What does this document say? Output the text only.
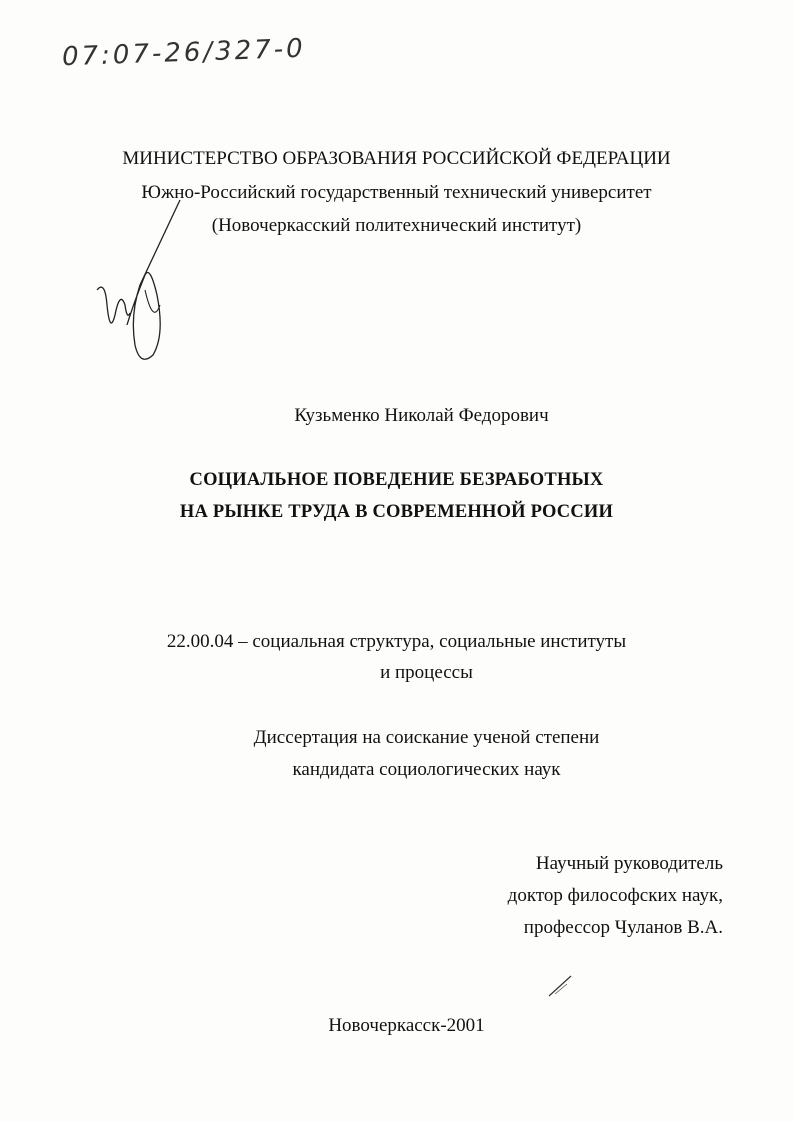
07:07-26/327-0
МИНИСТЕРСТВО ОБРАЗОВАНИЯ РОССИЙСКОЙ ФЕДЕРАЦИИ
Южно-Российский государственный технический университет
(Новочеркасский политехнический институт)
Кузьменко Николай Федорович
СОЦИАЛЬНОЕ ПОВЕДЕНИЕ БЕЗРАБОТНЫХ
НА РЫНКЕ ТРУДА В СОВРЕМЕННОЙ РОССИИ
22.00.04 – социальная структура, социальные институты
и процессы
Диссертация на соискание ученой степени
кандидата социологических наук
Научный руководитель
доктор философских наук,
профессор Чуланов В.А.
Новочеркасск-2001
